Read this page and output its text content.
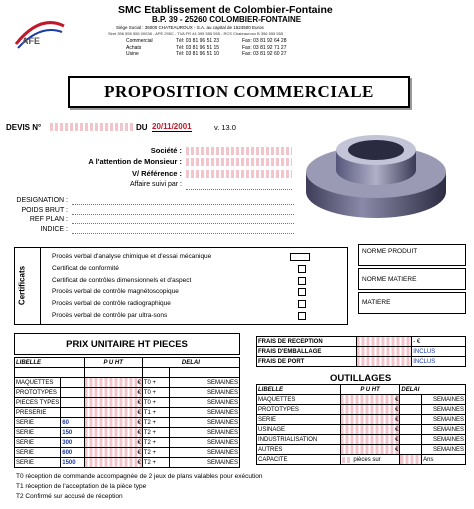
AFE
SMC Etablissement de Colombier-Fontaine
B.P. 39 - 25260 COLOMBIER-FONTAINE
Siège Social : 36000 CHATEAUROUX - S.A. au capital de 1524500 Euros
Siret 396 555 555 00038 - APE 295C - TVA FR 44 395 555 555 - RCS Chateauroux B 396 555 555
Commercial	Tél: 03 81 96 51 23	Fax: 03 81 92 64 28
Achats	Tél: 03 81 96 51 15	Fax: 03 81 92 71 27
Usine	Tél: 03 81 96 51 10	Fax: 03 81 92 60 27
PROPOSITION COMMERCIALE
DEVIS N°	DU 20/11/2001	v. 13.0
Société :
A l'attention de Monsieur :
V/ Référence :
Affaire suivi par :
DESIGNATION :
POIDS BRUT :
REF PLAN :
INDICE :
Certificats
Procès verbal d'analyse chimique et d'essai mécanique
Certificat de conformité
Certificat de contrôles dimensionnels et d'aspect
Procès verbal de contrôle magnétoscopique
Procès verbal de contrôle radiographique
Procès verbal de contrôle par ultra-sons
NORME PRODUIT
NORME MATIERE
MATIERE
PRIX UNITAIRE HT PIECES
LIBELLE		P U HT	DELAI	

MAQUETTES		€	T0 +	SEMAINES
PROTOTYPES		€	T0 +	SEMAINES
PIECES TYPES		€	T0 +	SEMAINES
PRESERIE		€	T1 +	SEMAINES
SERIE	60	€	T2 +	SEMAINES
SERIE	150	€	T2 +	SEMAINES
SERIE	300	€	T2 +	SEMAINES
SERIE	600	€	T2 +	SEMAINES
SERIE	1500	€	T2 +	SEMAINES
FRAIS DE RECEPTION		- €
FRAIS D'EMBALLAGE		INCLUS
FRAIS DE PORT		INCLUS
OUTILLAGES
LIBELLE	P U HT	DELAI	
MAQUETTES	€		SEMAINES
PROTOTYPES	€		SEMAINES
SERIE	€		SEMAINES
USINAGE	€		SEMAINES
INDUSTRIALISATION	€		SEMAINES
AUTRES	€		SEMAINES
CAPACITE	pièces sur		Ans
T0 réception de commande accompagnée de 2 jeux de plans valables pour exécution
T1 réception de l'acceptation de la pièce type
T2 Confirmé sur accusé de réception
